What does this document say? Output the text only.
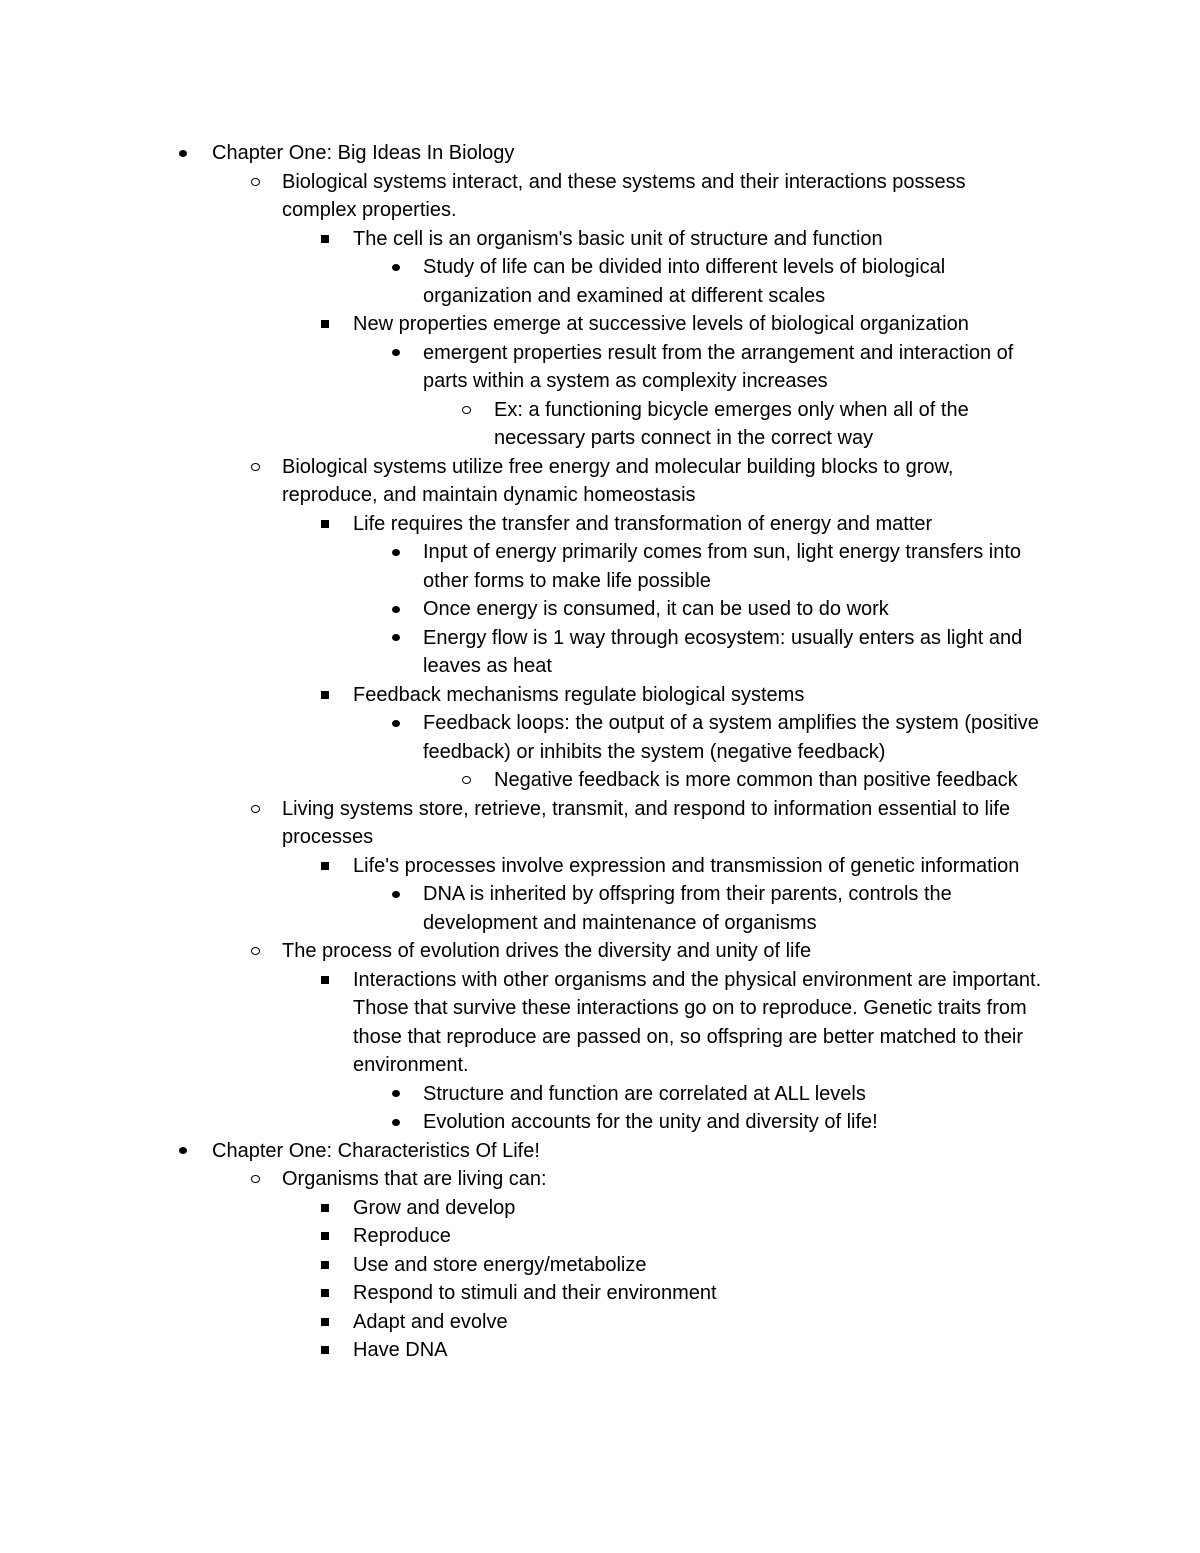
Chapter One: Big Ideas In Biology
Biological systems interact, and these systems and their interactions possess complex properties.
The cell is an organism's basic unit of structure and function
Study of life can be divided into different levels of biological organization and examined at different scales
New properties emerge at successive levels of biological organization
emergent properties result from the arrangement and interaction of parts within a system as complexity increases
Ex: a functioning bicycle emerges only when all of the necessary parts connect in the correct way
Biological systems utilize free energy and molecular building blocks to grow, reproduce, and maintain dynamic homeostasis
Life requires the transfer and transformation of energy and matter
Input of energy primarily comes from sun, light energy transfers into other forms to make life possible
Once energy is consumed, it can be used to do work
Energy flow is 1 way through ecosystem: usually enters as light and leaves as heat
Feedback mechanisms regulate biological systems
Feedback loops: the output of a system amplifies the system (positive feedback) or inhibits the system (negative feedback)
Negative feedback is more common than positive feedback
Living systems store, retrieve, transmit, and respond to information essential to life processes
Life's processes involve expression and transmission of genetic information
DNA is inherited by offspring from their parents, controls the development and maintenance of organisms
The process of evolution drives the diversity and unity of life
Interactions with other organisms and the physical environment are important. Those that survive these interactions go on to reproduce. Genetic traits from those that reproduce are passed on, so offspring are better matched to their environment.
Structure and function are correlated at ALL levels
Evolution accounts for the unity and diversity of life!
Chapter One: Characteristics Of Life!
Organisms that are living can:
Grow and develop
Reproduce
Use and store energy/metabolize
Respond to stimuli and their environment
Adapt and evolve
Have DNA
